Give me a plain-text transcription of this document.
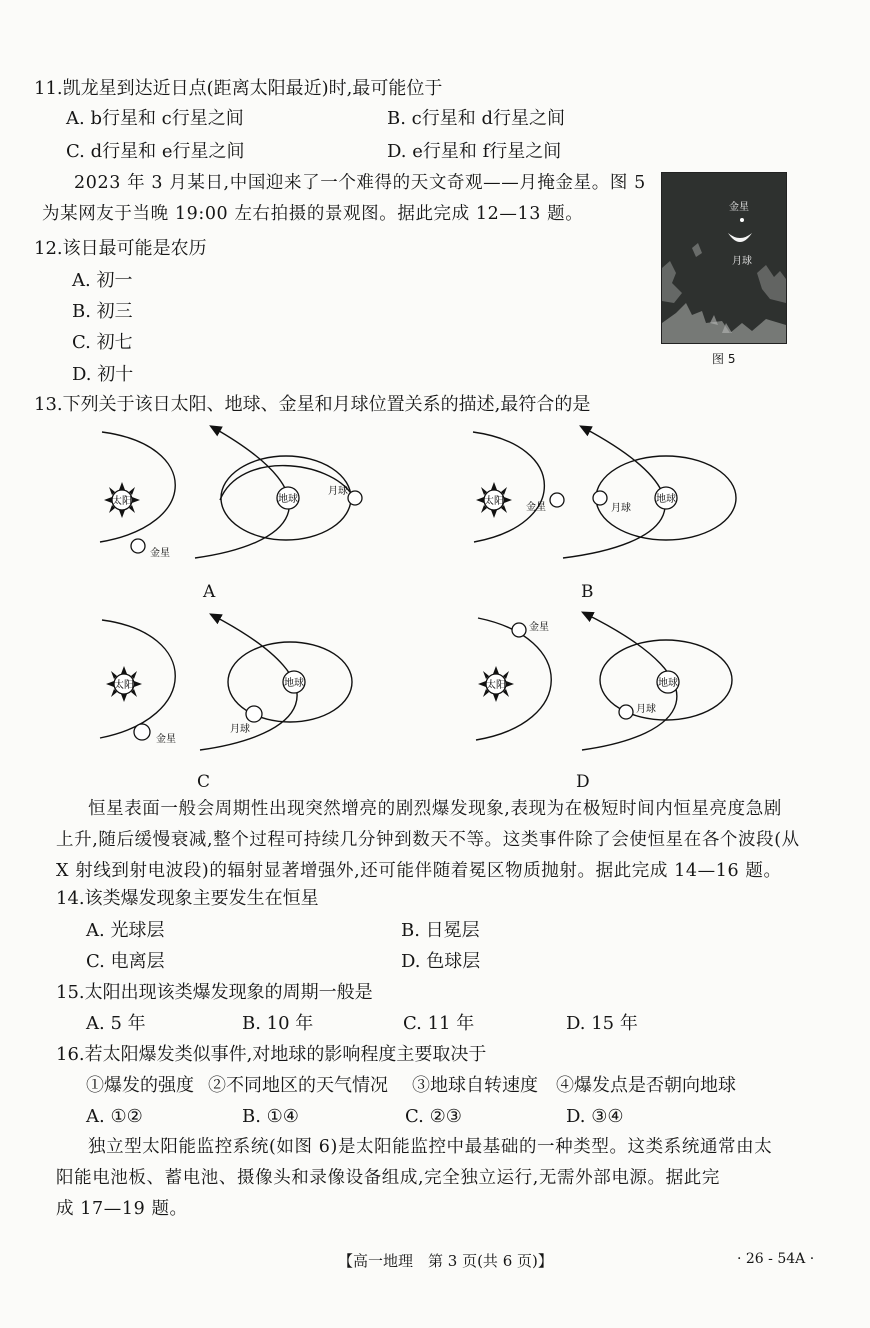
11.凯龙星到达近日点(距离太阳最近)时,最可能位于
A. b行星和 c行星之间	B. c行星和 d行星之间
C. d行星和 e行星之间	D. e行星和 f行星之间
2023 年 3 月某日,中国迎来了一个难得的天文奇观——月掩金星。图 5
为某网友于当晚 19:00 左右拍摄的景观图。据此完成 12—13 题。	金星
月球
图 5
12.该日最可能是农历
A. 初一
B. 初三
C. 初七
D. 初十
13.下列关于该日太阳、地球、金星和月球位置关系的描述,最符合的是
太阳
金星
地球
月球
A
太阳
金星	月球
地球
B
太阳
金星
地球
月球
C
太阳
金星
地球
月球
D
恒星表面一般会周期性出现突然增亮的剧烈爆发现象,表现为在极短时间内恒星亮度急剧
上升,随后缓慢衰减,整个过程可持续几分钟到数天不等。这类事件除了会使恒星在各个波段(从
X 射线到射电波段)的辐射显著增强外,还可能伴随着冕区物质抛射。据此完成 14—16 题。
14.该类爆发现象主要发生在恒星
A. 光球层	B. 日冕层
C. 电离层	D. 色球层
15.太阳出现该类爆发现象的周期一般是
A. 5 年	B. 10 年	C. 11 年	D. 15 年
16.若太阳爆发类似事件,对地球的影响程度主要取决于
①爆发的强度 ②不同地区的天气情况 ③地球自转速度 ④爆发点是否朝向地球
A. ①②	B. ①④	C. ②③	D. ③④
独立型太阳能监控系统(如图 6)是太阳能监控中最基础的一种类型。这类系统通常由太
阳能电池板、蓄电池、摄像头和录像设备组成,完全独立运行,无需外部电源。据此完
成 17—19 题。
【高一地理　第 3 页(共 6 页)】	· 26 - 54A ·
